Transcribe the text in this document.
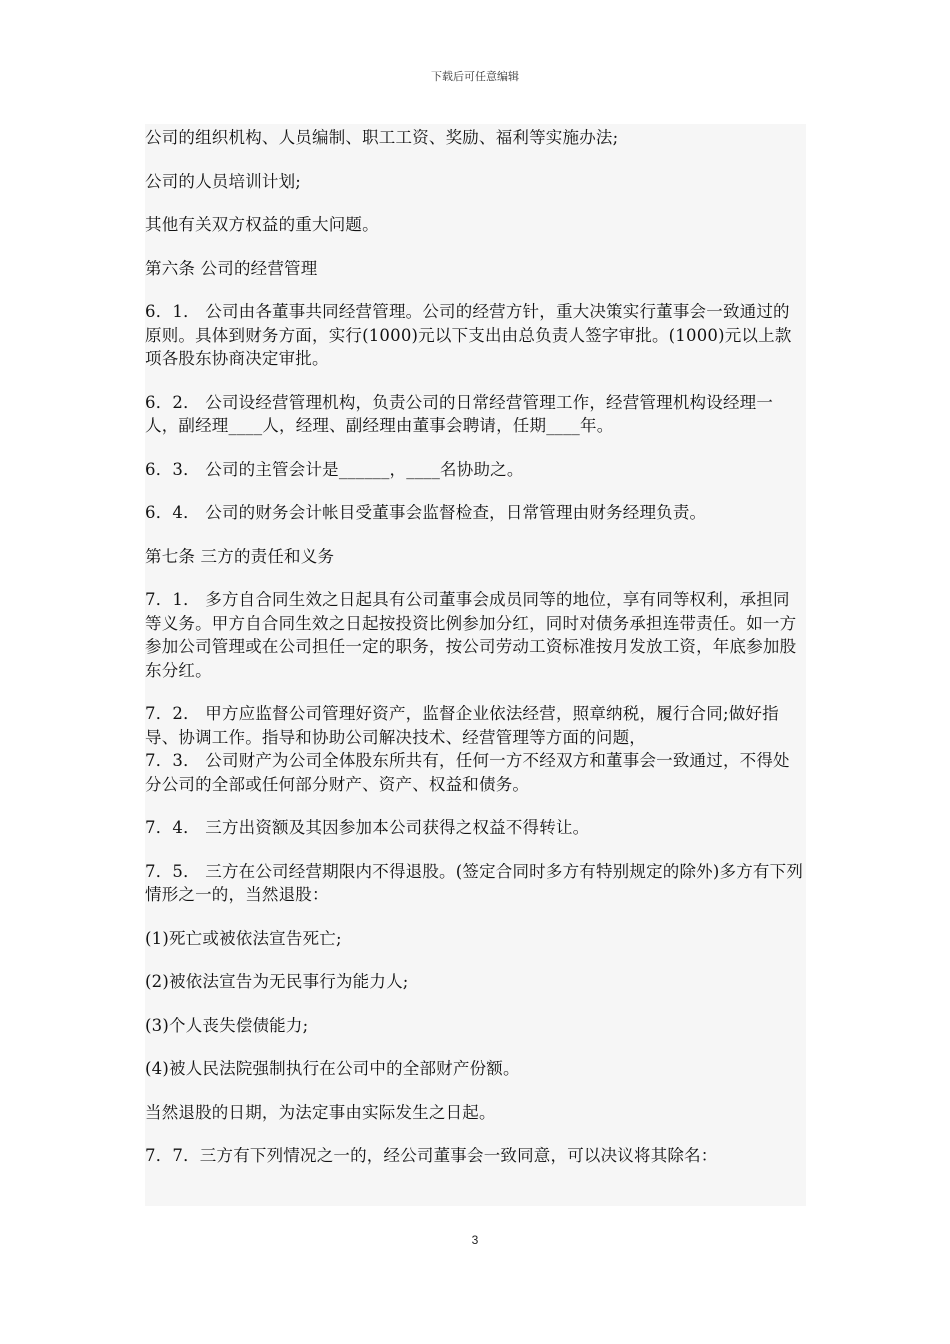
下载后可任意编辑

公司的组织机构、人员编制、职工工资、奖励、福利等实施办法;

公司的人员培训计划;

其他有关双方权益的重大问题。

第六条 公司的经营管理

6．1． 公司由各董事共同经营管理。公司的经营方针，重大决策实行董事会一致通过的原则。具体到财务方面，实行(1000)元以下支出由总负责人签字审批。(1000)元以上款项各股东协商决定审批。

6．2． 公司设经营管理机构，负责公司的日常经营管理工作，经营管理机构设经理一人，副经理____人，经理、副经理由董事会聘请，任期____年。

6．3． 公司的主管会计是______，____名协助之。

6．4． 公司的财务会计帐目受董事会监督检查，日常管理由财务经理负责。

第七条 三方的责任和义务

7．1． 多方自合同生效之日起具有公司董事会成员同等的地位，享有同等权利，承担同等义务。甲方自合同生效之日起按投资比例参加分红，同时对债务承担连带责任。如一方参加公司管理或在公司担任一定的职务，按公司劳动工资标准按月发放工资，年底参加股东分红。

7．2． 甲方应监督公司管理好资产，监督企业依法经营，照章纳税，履行合同;做好指导、协调工作。指导和协助公司解决技术、经营管理等方面的问题，

7．3． 公司财产为公司全体股东所共有，任何一方不经双方和董事会一致通过，不得处分公司的全部或任何部分财产、资产、权益和债务。

7．4． 三方出资额及其因参加本公司获得之权益不得转让。

7．5． 三方在公司经营期限内不得退股。(签定合同时多方有特别规定的除外)多方有下列情形之一的，当然退股：

(1)死亡或被依法宣告死亡;

(2)被依法宣告为无民事行为能力人;

(3)个人丧失偿债能力;

(4)被人民法院强制执行在公司中的全部财产份额。

当然退股的日期，为法定事由实际发生之日起。

7．7．三方有下列情况之一的，经公司董事会一致同意，可以决议将其除名：

3
